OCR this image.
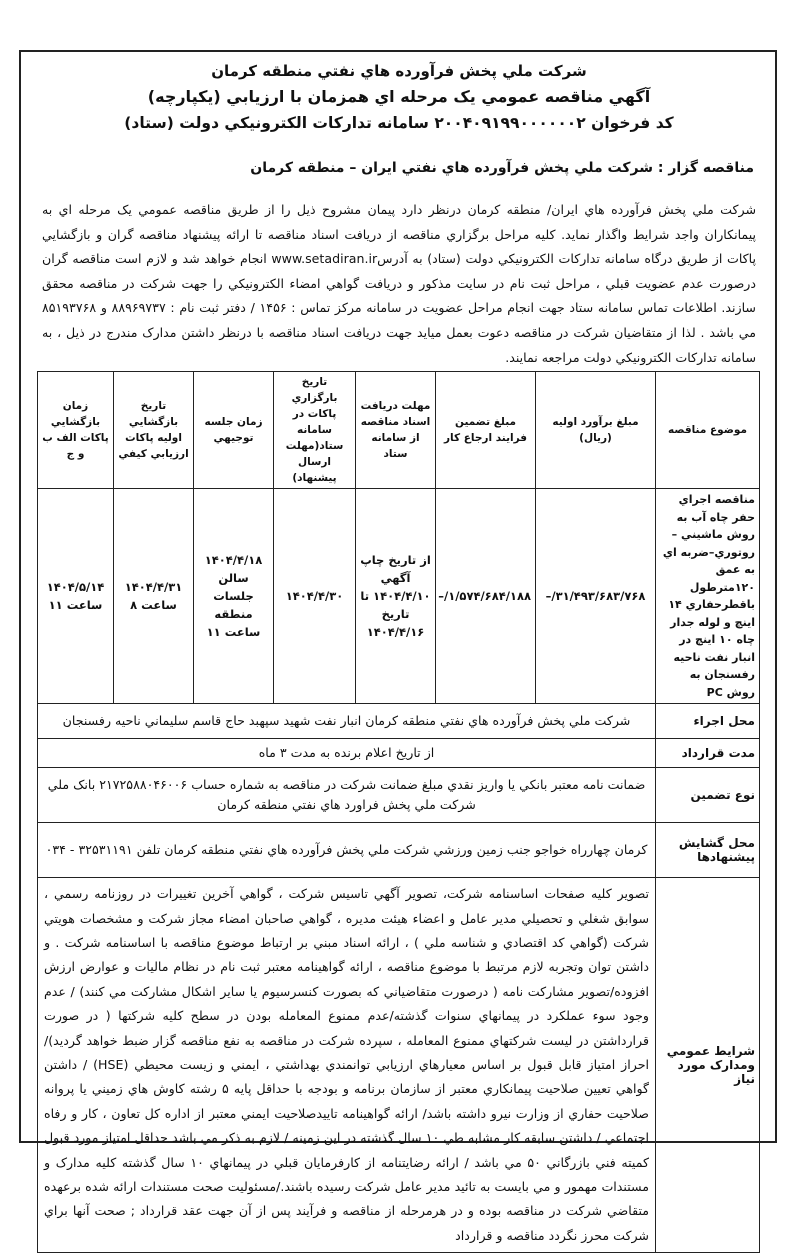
شرکت ملي پخش فرآورده هاي نفتي منطقه کرمان
آگهي مناقصه عمومي يک مرحله اي همزمان با ارزيابي (يکپارچه)
کد فرخوان ۲۰۰۴۰۹۱۹۹۰۰۰۰۰۰۲ سامانه تدارکات الکترونيکي دولت (ستاد)
مناقصه گزار : شرکت ملي پخش فرآورده هاي نفتي ايران – منطقه کرمان
شرکت ملي پخش فرآورده هاي ايران/ منطقه کرمان درنظر دارد پيمان مشروح ذيل را از طريق مناقصه عمومي يک مرحله اي به پيمانکاران واجد شرايط واگذار نمايد. کليه مراحل برگزاري مناقصه از دريافت اسناد مناقصه تا ارائه پيشنهاد مناقصه گران و بازگشايي پاکات از طريق درگاه سامانه تدارکات الکترونيکي دولت (ستاد) به آدرسwww.setadiran.ir انجام خواهد شد و لازم است مناقصه گران درصورت عدم عضويت قبلي ، مراحل ثبت نام در سايت مذکور و دريافت گواهي امضاء الکترونيکي را جهت شرکت در مناقصه محقق سازند. اطلاعات تماس سامانه ستاد جهت انجام مراحل عضويت در سامانه مرکز تماس : ۱۴۵۶ / دفتر ثبت نام : ۸۸۹۶۹۷۳۷ و ۸۵۱۹۳۷۶۸ مي باشد . لذا از متقاضيان شرکت در مناقصه دعوت بعمل ميايد جهت دريافت اسناد مناقصه با درنظر داشتن مدارک مندرج در ذيل ، به سامانه تدارکات الکترونيکي دولت مراجعه نمايند.
موضوع مناقصه	مبلغ برآورد اوليه (ريال)	مبلغ تضمين فرايند ارجاع کار	مهلت دريافت اسناد مناقصه از سامانه ستاد	تاريخ بارگزاري پاکات در سامانه ستاد(مهلت ارسال پيشنهاد)	زمان جلسه توجيهي	تاريخ بازگشايي اوليه پاکات ارزيابي کيفي	زمان بازگشايي پاکات الف ب و ج
مناقصه اجراي حفر چاه آب به روش ماشيني – روتوري–ضربه اي به عمق ۱۲۰مترطول باقطرحفاري ۱۴ اينچ و لوله جدار چاه ۱۰ اينچ در انبار نفت ناحيه رفسنجان به روش PC	۳۱/۴۹۳/۶۸۳/۷۶۸/–	۱/۵۷۴/۶۸۴/۱۸۸/–	از تاريخ چاپ آگهي ۱۴۰۴/۴/۱۰ تا تاريخ ۱۴۰۴/۴/۱۶	۱۴۰۴/۴/۳۰	۱۴۰۴/۴/۱۸ سالن جلسات منطقه ساعت ۱۱	۱۴۰۴/۴/۳۱ ساعت ۸	۱۴۰۴/۵/۱۴ ساعت ۱۱
محل اجراء	شرکت ملي پخش فرآورده هاي نفتي منطقه کرمان انبار نفت شهيد سپهبد حاج قاسم سليماني ناحيه رفسنجان						
مدت قرارداد	از تاريخ اعلام برنده به مدت ۳ ماه						
نوع تضمين	ضمانت نامه معتبر بانکي يا واريز نقدي مبلغ ضمانت شرکت در مناقصه به شماره حساب ۲۱۷۲۵۸۸۰۴۶۰۰۶ بانک ملي شرکت ملي پخش فراورد هاي نفتي منطقه کرمان						
محل گشايش پيشنهادها	کرمان چهارراه خواجو جنب زمين ورزشي شرکت ملي پخش فرآورده هاي نفتي منطقه کرمان تلفن ۳۲۵۳۱۱۹۱ - ۰۳۴						
شرايط عمومي ومدارک مورد نياز	تصوير کليه صفحات اساسنامه شرکت، تصوير آگهي تاسيس شرکت ، گواهي آخرين تغييرات در روزنامه رسمي ، سوابق شغلي و تحصيلي مدير عامل و اعضاء هيئت مديره ، گواهي صاحبان امضاء مجاز شرکت و مشخصات هويتي شرکت (گواهي کد اقتصادي و شناسه ملي ) ، ارائه اسناد مبني بر ارتباط موضوع مناقصه با اساسنامه شرکت . و داشتن توان وتجربه لازم مرتبط با موضوع مناقصه ، ارائه گواهينامه معتبر ثبت نام در نظام ماليات و عوارض ارزش افزوده/تصوير مشارکت نامه ( درصورت متقاضياني که بصورت کنسرسيوم يا ساير اشکال مشارکت مي کنند) / عدم وجود سوء عملکرد در پيمانهاي سنوات گذشته/عدم ممنوع المعامله بودن در سطح کليه شرکتها ( در صورت قرارداشتن در ليست شرکتهاي ممنوع المعامله ، سپرده شرکت در مناقصه به نفع مناقصه گزار ضبط خواهد گرديد)/احراز امتياز قابل قبول بر اساس معيارهاي ارزيابي توانمندي بهداشتي ، ايمني و زيست محيطي (HSE) / داشتن گواهي تعيين صلاحيت پيمانکاري معتبر از سازمان برنامه و بودجه با حداقل پايه ۵ رشته کاوش هاي زميني يا پروانه صلاحيت حفاري از وزارت نيرو داشته باشد/ ارائه گواهينامه تاييدصلاحيت ايمني معتبر از اداره کل تعاون ، کار و رفاه اجتماعي / داشتن سابقه کار مشابه طي ۱۰ سال گذشته در اين زمينه / لازم به ذکر مي باشد حداقل امتياز مورد قبول کميته فني بازرگاني ۵۰ مي باشد / ارائه رضايتنامه از کارفرمايان قبلي در پيمانهاي ۱۰ سال گذشته کليه مدارک و مستندات مهمور و مي بايست به تائيد مدير عامل شرکت رسيده باشند./مسئوليت صحت مستندات ارائه شده برعهده متقاضي شرکت در مناقصه بوده و در هرمرحله از مناقصه و فرآيند پس از آن جهت عقد قرارداد ; صحت آنها براي شرکت محرز نگردد مناقصه و قرارداد						
